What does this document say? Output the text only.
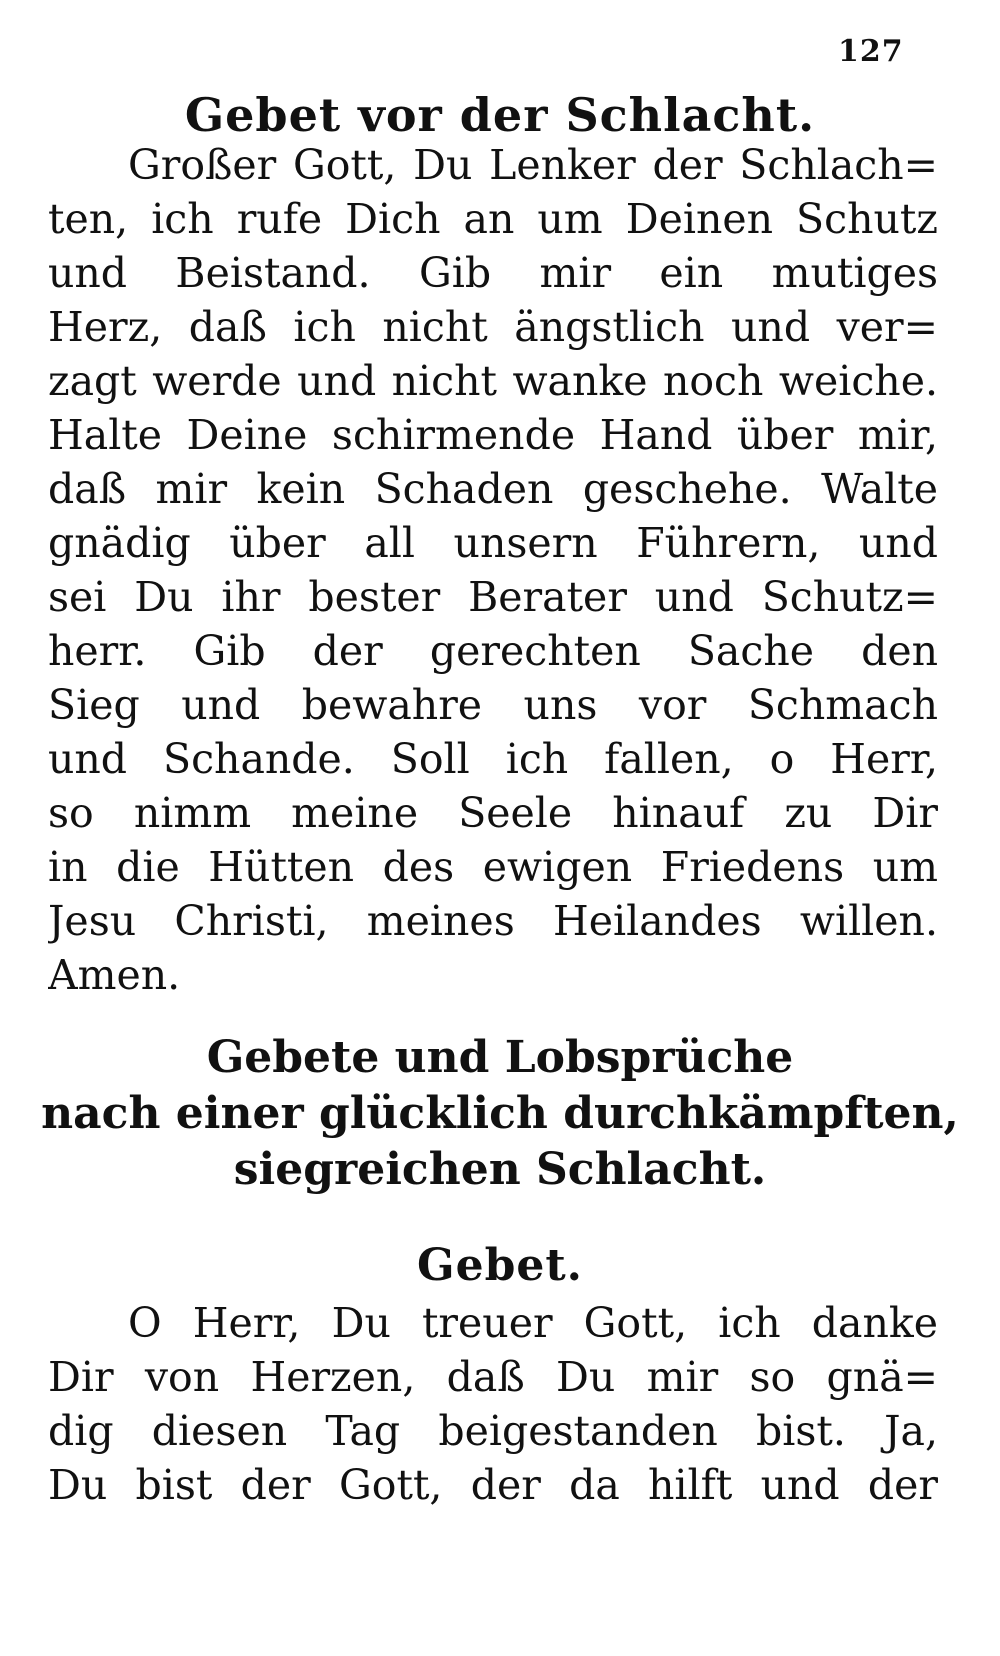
127
Gebet vor der Schlacht.
Großer Gott, Du Lenker der Schlach=
ten, ich rufe Dich an um Deinen Schutz
und Beistand. Gib mir ein mutiges
Herz, daß ich nicht ängstlich und ver=
zagt werde und nicht wanke noch weiche.
Halte Deine schirmende Hand über mir,
daß mir kein Schaden geschehe. Walte
gnädig über all unsern Führern, und
sei Du ihr bester Berater und Schutz=
herr. Gib der gerechten Sache den
Sieg und bewahre uns vor Schmach
und Schande. Soll ich fallen, o Herr,
so nimm meine Seele hinauf zu Dir
in die Hütten des ewigen Friedens um
Jesu Christi, meines Heilandes willen.
Amen.
Gebete und Lobsprüche
nach einer glücklich durchkämpften,
siegreichen Schlacht.
Gebet.
O Herr, Du treuer Gott, ich danke
Dir von Herzen, daß Du mir so gnä=
dig diesen Tag beigestanden bist. Ja,
Du bist der Gott, der da hilft und der
